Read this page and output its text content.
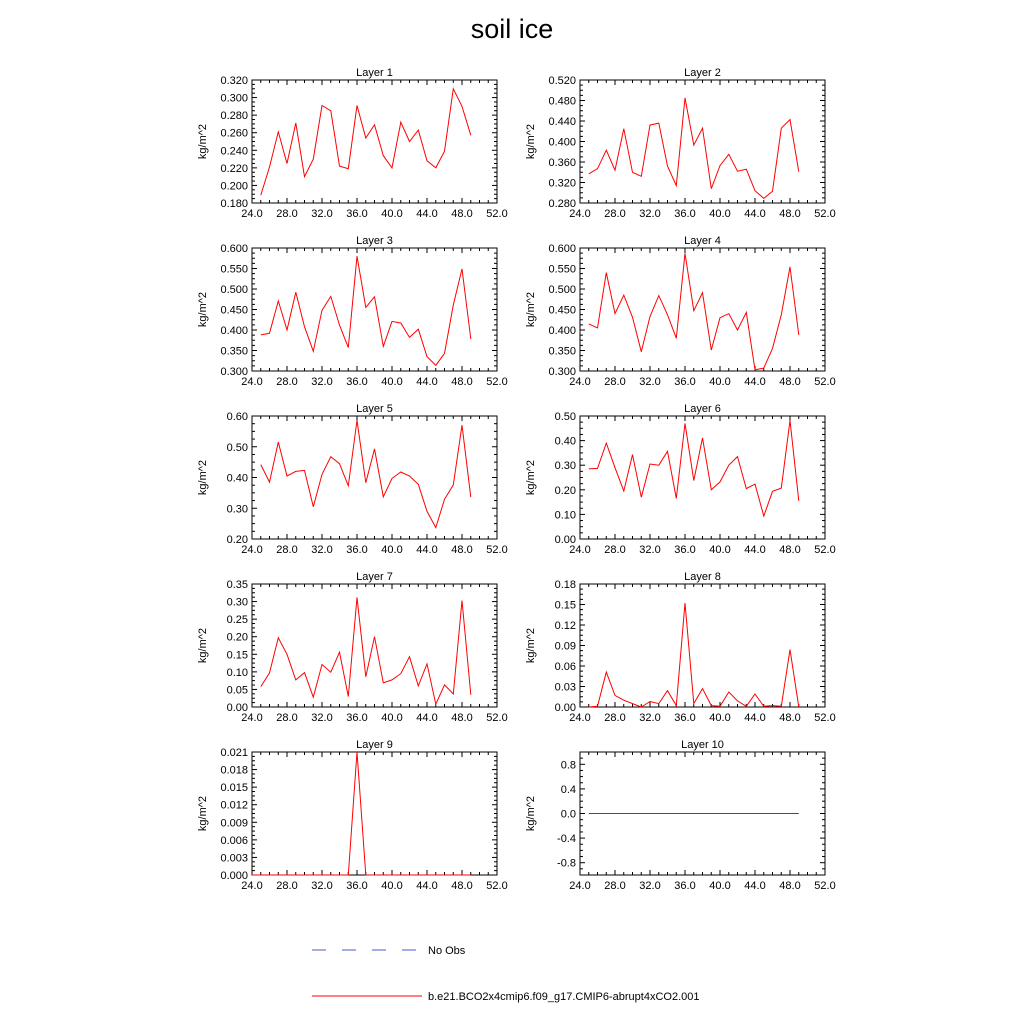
soil ice
Layer 1
kg/m^2
24.0 28.0 32.0 36.0 40.0 44.0 48.0 52.0
0.180
0.200
0.220
0.240
0.260
0.280
0.300
0.320
Layer 2
kg/m^2
24.0 28.0 32.0 36.0 40.0 44.0 48.0 52.0
0.280
0.320
0.360
0.400
0.440
0.480
0.520
Layer 3
kg/m^2
24.0 28.0 32.0 36.0 40.0 44.0 48.0 52.0
0.300
0.350
0.400
0.450
0.500
0.550
0.600
Layer 4
kg/m^2
24.0 28.0 32.0 36.0 40.0 44.0 48.0 52.0
0.300
0.350
0.400
0.450
0.500
0.550
0.600
Layer 5
kg/m^2
24.0 28.0 32.0 36.0 40.0 44.0 48.0 52.0
0.20
0.30
0.40
0.50
0.60
Layer 6
kg/m^2
24.0 28.0 32.0 36.0 40.0 44.0 48.0 52.0
0.00
0.10
0.20
0.30
0.40
0.50
Layer 7
kg/m^2
24.0 28.0 32.0 36.0 40.0 44.0 48.0 52.0
0.00
0.05
0.10
0.15
0.20
0.25
0.30
0.35
Layer 8
kg/m^2
24.0 28.0 32.0 36.0 40.0 44.0 48.0 52.0
0.00
0.03
0.06
0.09
0.12
0.15
0.18
Layer 9
kg/m^2
24.0 28.0 32.0 36.0 40.0 44.0 48.0 52.0
0.000
0.003
0.006
0.009
0.012
0.015
0.018
0.021
Layer 10
kg/m^2
24.0 28.0 32.0 36.0 40.0 44.0 48.0 52.0
-0.8
-0.4
0.0
0.4
0.8
No Obs
b.e21.BCO2x4cmip6.f09_g17.CMIP6-abrupt4xCO2.001
